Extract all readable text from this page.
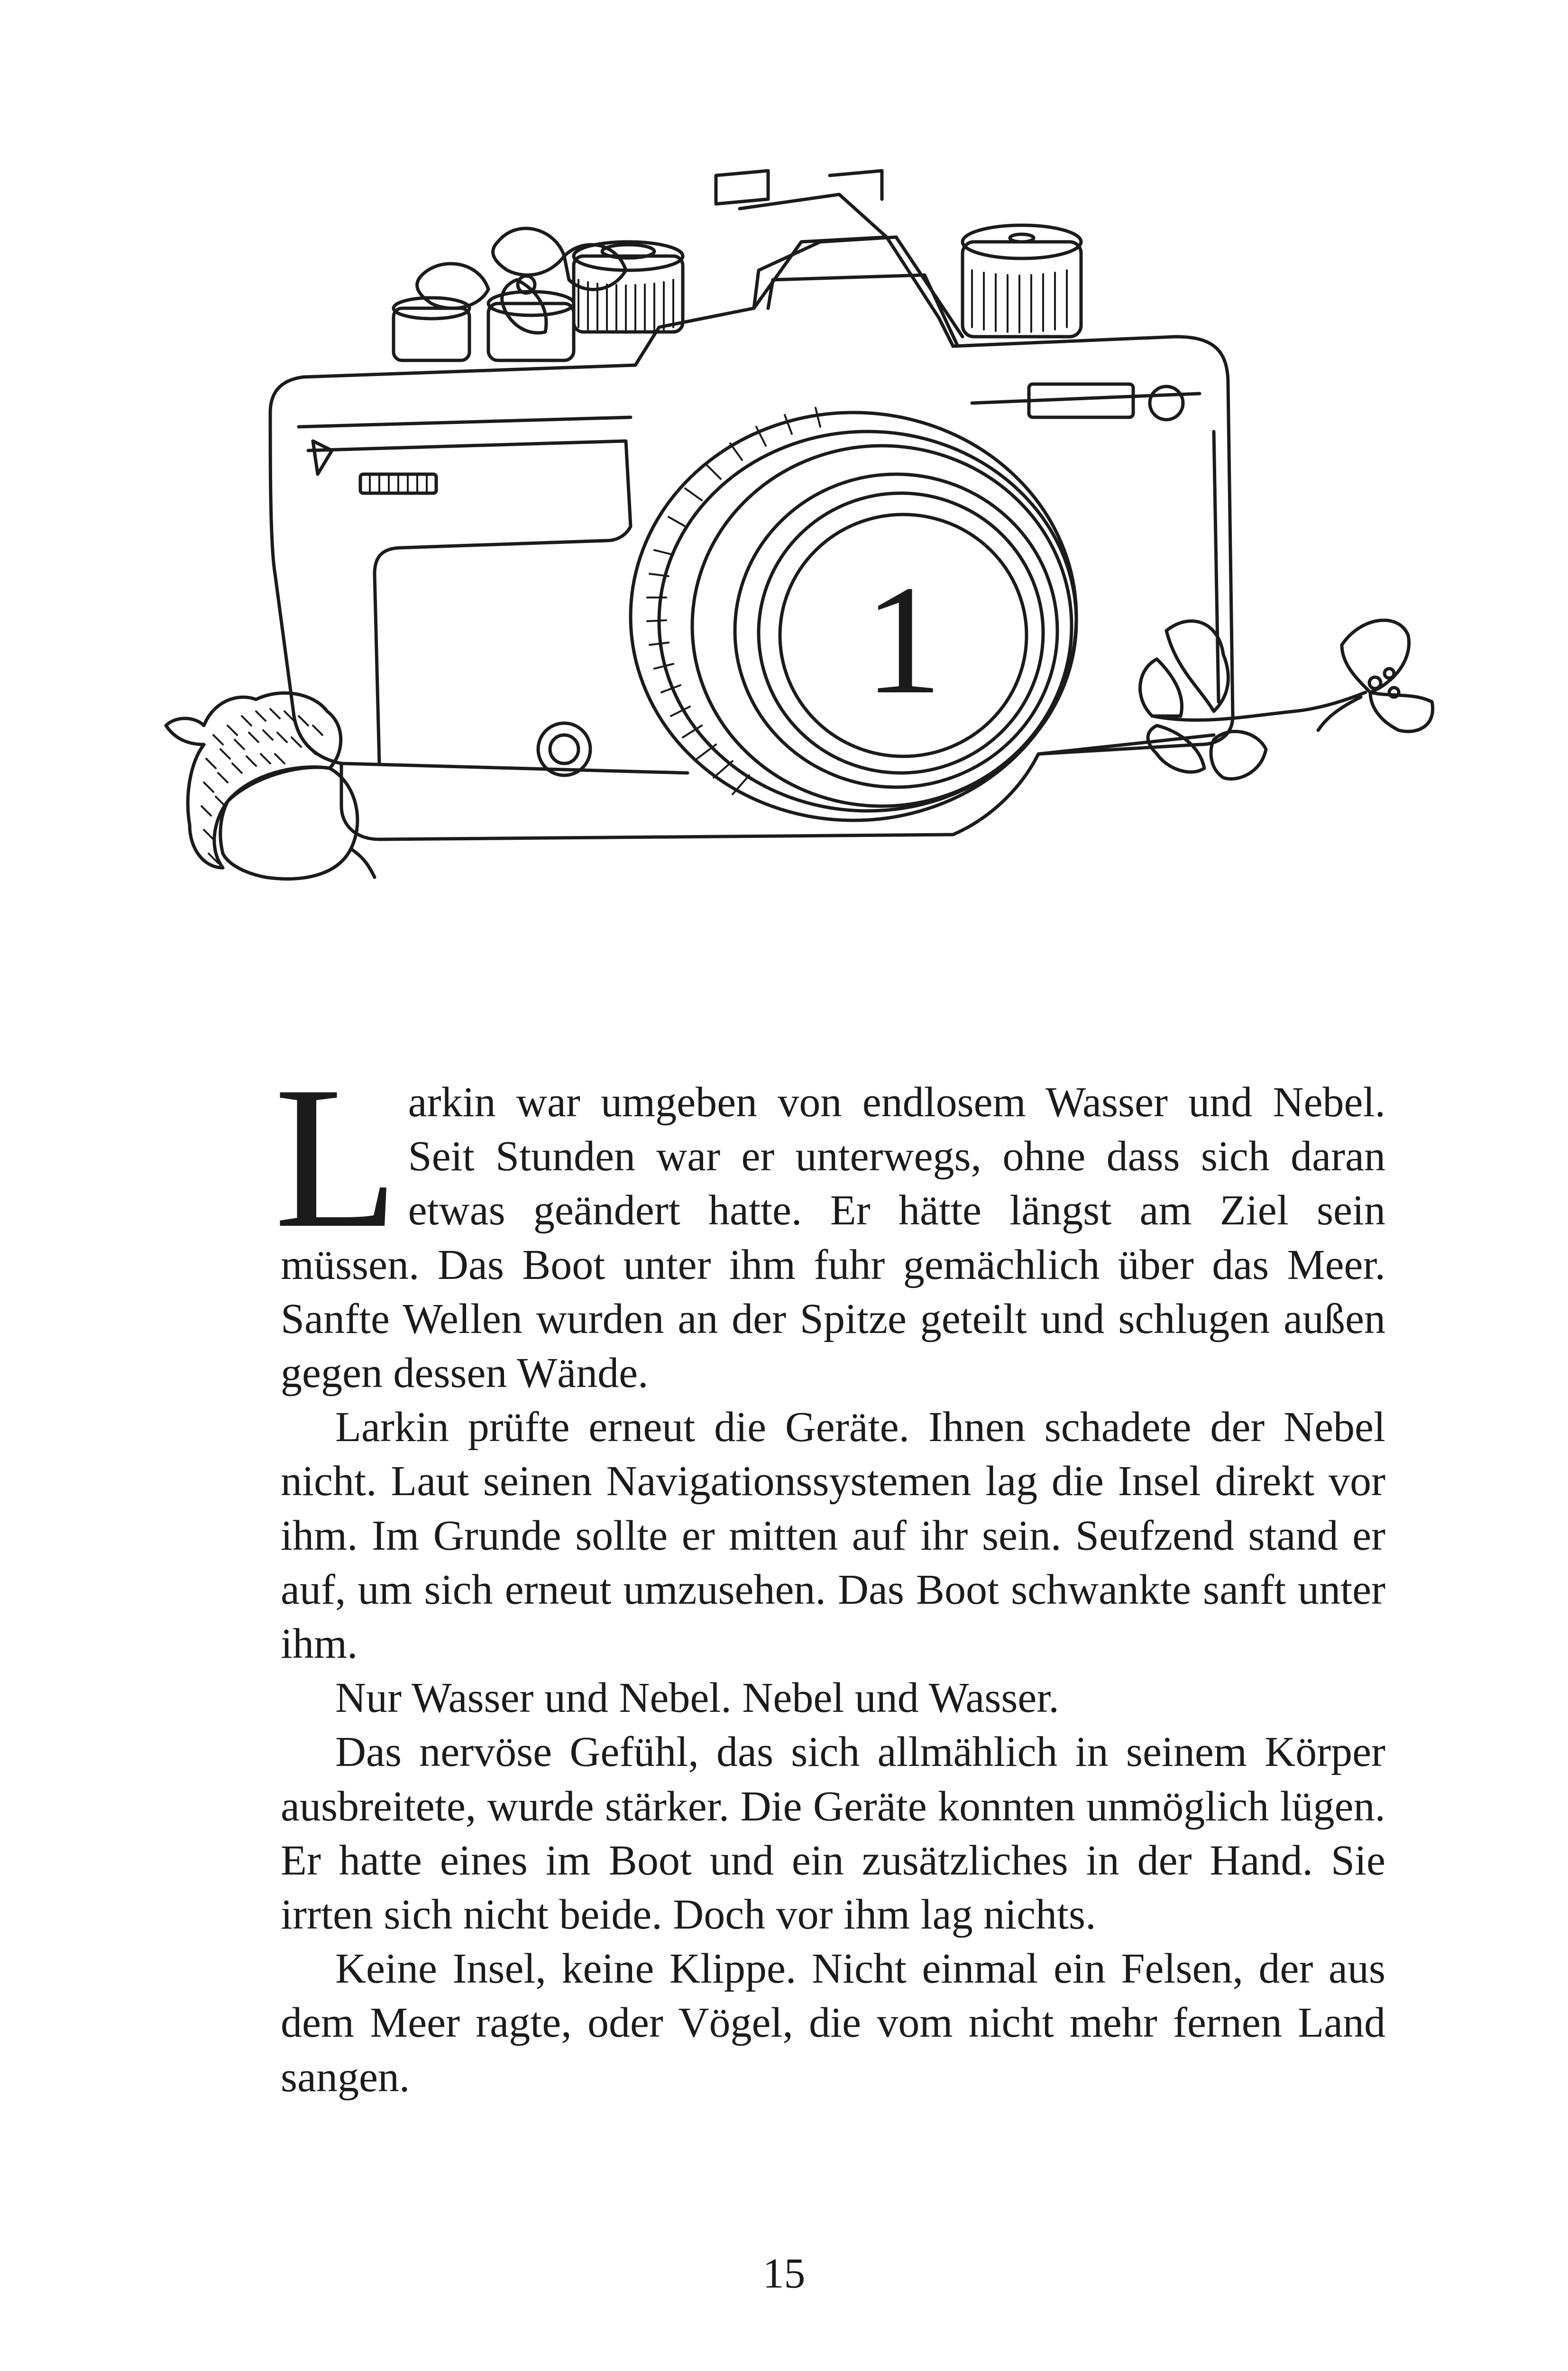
1

Larkin war umgeben von endlosem Wasser und Nebel. Seit Stunden war er unterwegs, ohne dass sich daran etwas geändert hatte. Er hätte längst am Ziel sein müssen. Das Boot unter ihm fuhr gemächlich über das Meer. Sanfte Wellen wurden an der Spitze geteilt und schlugen außen gegen dessen Wände.

Larkin prüfte erneut die Geräte. Ihnen schadete der Nebel nicht. Laut seinen Navigationssystemen lag die Insel direkt vor ihm. Im Grunde sollte er mitten auf ihr sein. Seufzend stand er auf, um sich erneut umzusehen. Das Boot schwankte sanft unter ihm.

Nur Wasser und Nebel. Nebel und Wasser.

Das nervöse Gefühl, das sich allmählich in seinem Körper ausbreitete, wurde stärker. Die Geräte konnten unmöglich lügen. Er hatte eines im Boot und ein zusätzliches in der Hand. Sie irrten sich nicht beide. Doch vor ihm lag nichts.

Keine Insel, keine Klippe. Nicht einmal ein Felsen, der aus dem Meer ragte, oder Vögel, die vom nicht mehr fernen Land sangen.

15
